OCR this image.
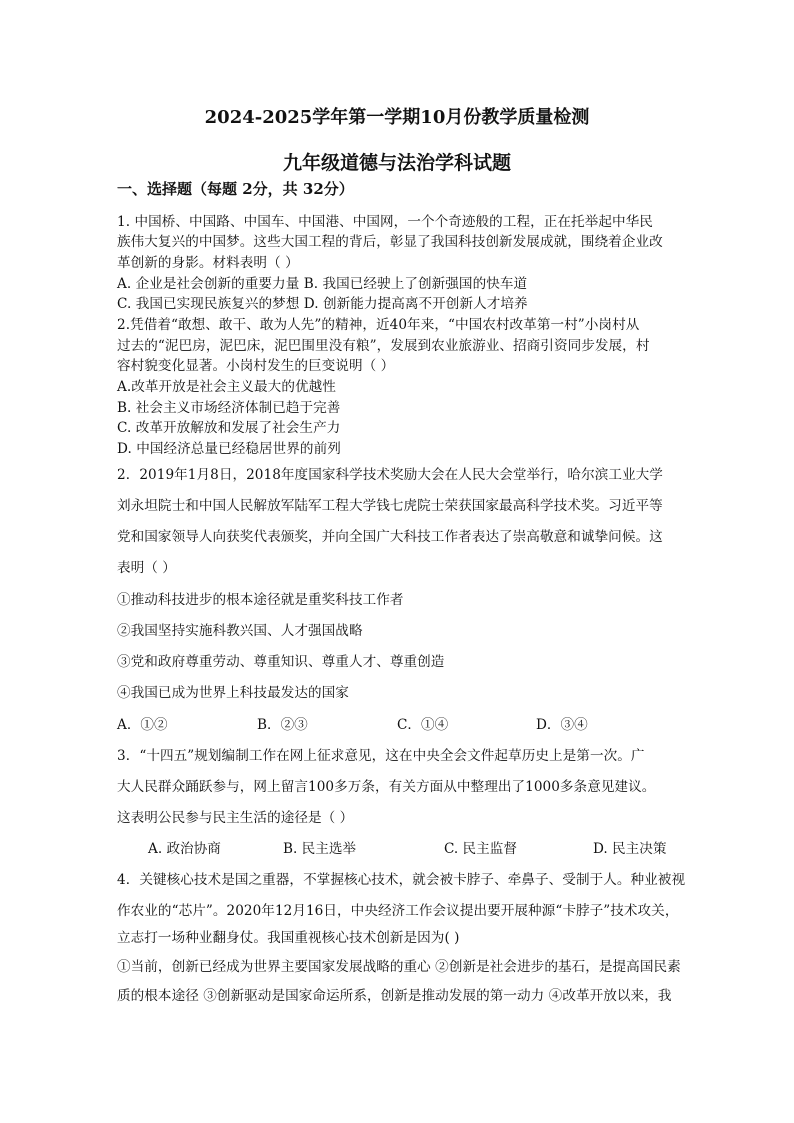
2024-2025学年第一学期10月份教学质量检测
九年级道德与法治学科试题
一、选择题（每题 2分，共 32分）
1. 中国桥、中国路、中国车、中国港、中国网，一个个奇迹般的工程，正在托举起中华民
族伟大复兴的中国梦。这些大国工程的背后，彰显了我国科技创新发展成就，围绕着企业改
革创新的身影。材料表明（ ）
A. 企业是社会创新的重要力量 B. 我国已经驶上了创新强国的快车道
C. 我国已实现民族复兴的梦想 D. 创新能力提高离不开创新人才培养
2.凭借着“敢想、敢干、敢为人先”的精神，近40年来，“中国农村改革第一村”小岗村从
过去的“泥巴房，泥巴床，泥巴围里没有粮”，发展到农业旅游业、招商引资同步发展，村
容村貌变化显著。小岗村发生的巨变说明（ ）
A.改革开放是社会主义最大的优越性
B. 社会主义市场经济体制已趋于完善
C. 改革开放解放和发展了社会生产力
D. 中国经济总量已经稳居世界的前列
2．2019年1月8日，2018年度国家科学技术奖励大会在人民大会堂举行，哈尔滨工业大学
刘永坦院士和中国人民解放军陆军工程大学钱七虎院士荣获国家最高科学技术奖。习近平等
党和国家领导人向获奖代表颁奖，并向全国广大科技工作者表达了崇高敬意和诚挚问候。这
表明（ ）
①推动科技进步的根本途径就是重奖科技工作者
②我国坚持实施科教兴国、人才强国战略
③党和政府尊重劳动、尊重知识、尊重人才、尊重创造
④我国已成为世界上科技最发达的国家
A．①②	B．②③	C．①④	D．③④
3．“十四五”规划编制工作在网上征求意见，这在中央全会文件起草历史上是第一次。广
大人民群众踊跃参与，网上留言100多万条，有关方面从中整理出了1000多条意见建议。
这表明公民参与民主生活的途径是（ ）
A. 政治协商	B. 民主选举	C. 民主监督	D. 民主决策
4．关键核心技术是国之重器，不掌握核心技术，就会被卡脖子、牵鼻子、受制于人。种业被视
作农业的“芯片”。2020年12月16日，中央经济工作会议提出要开展种源“卡脖子”技术攻关，
立志打一场种业翻身仗。我国重视核心技术创新是因为( )
①当前，创新已经成为世界主要国家发展战略的重心 ②创新是社会进步的基石，是提高国民素
质的根本途径 ③创新驱动是国家命运所系，创新是推动发展的第一动力 ④改革开放以来，我
